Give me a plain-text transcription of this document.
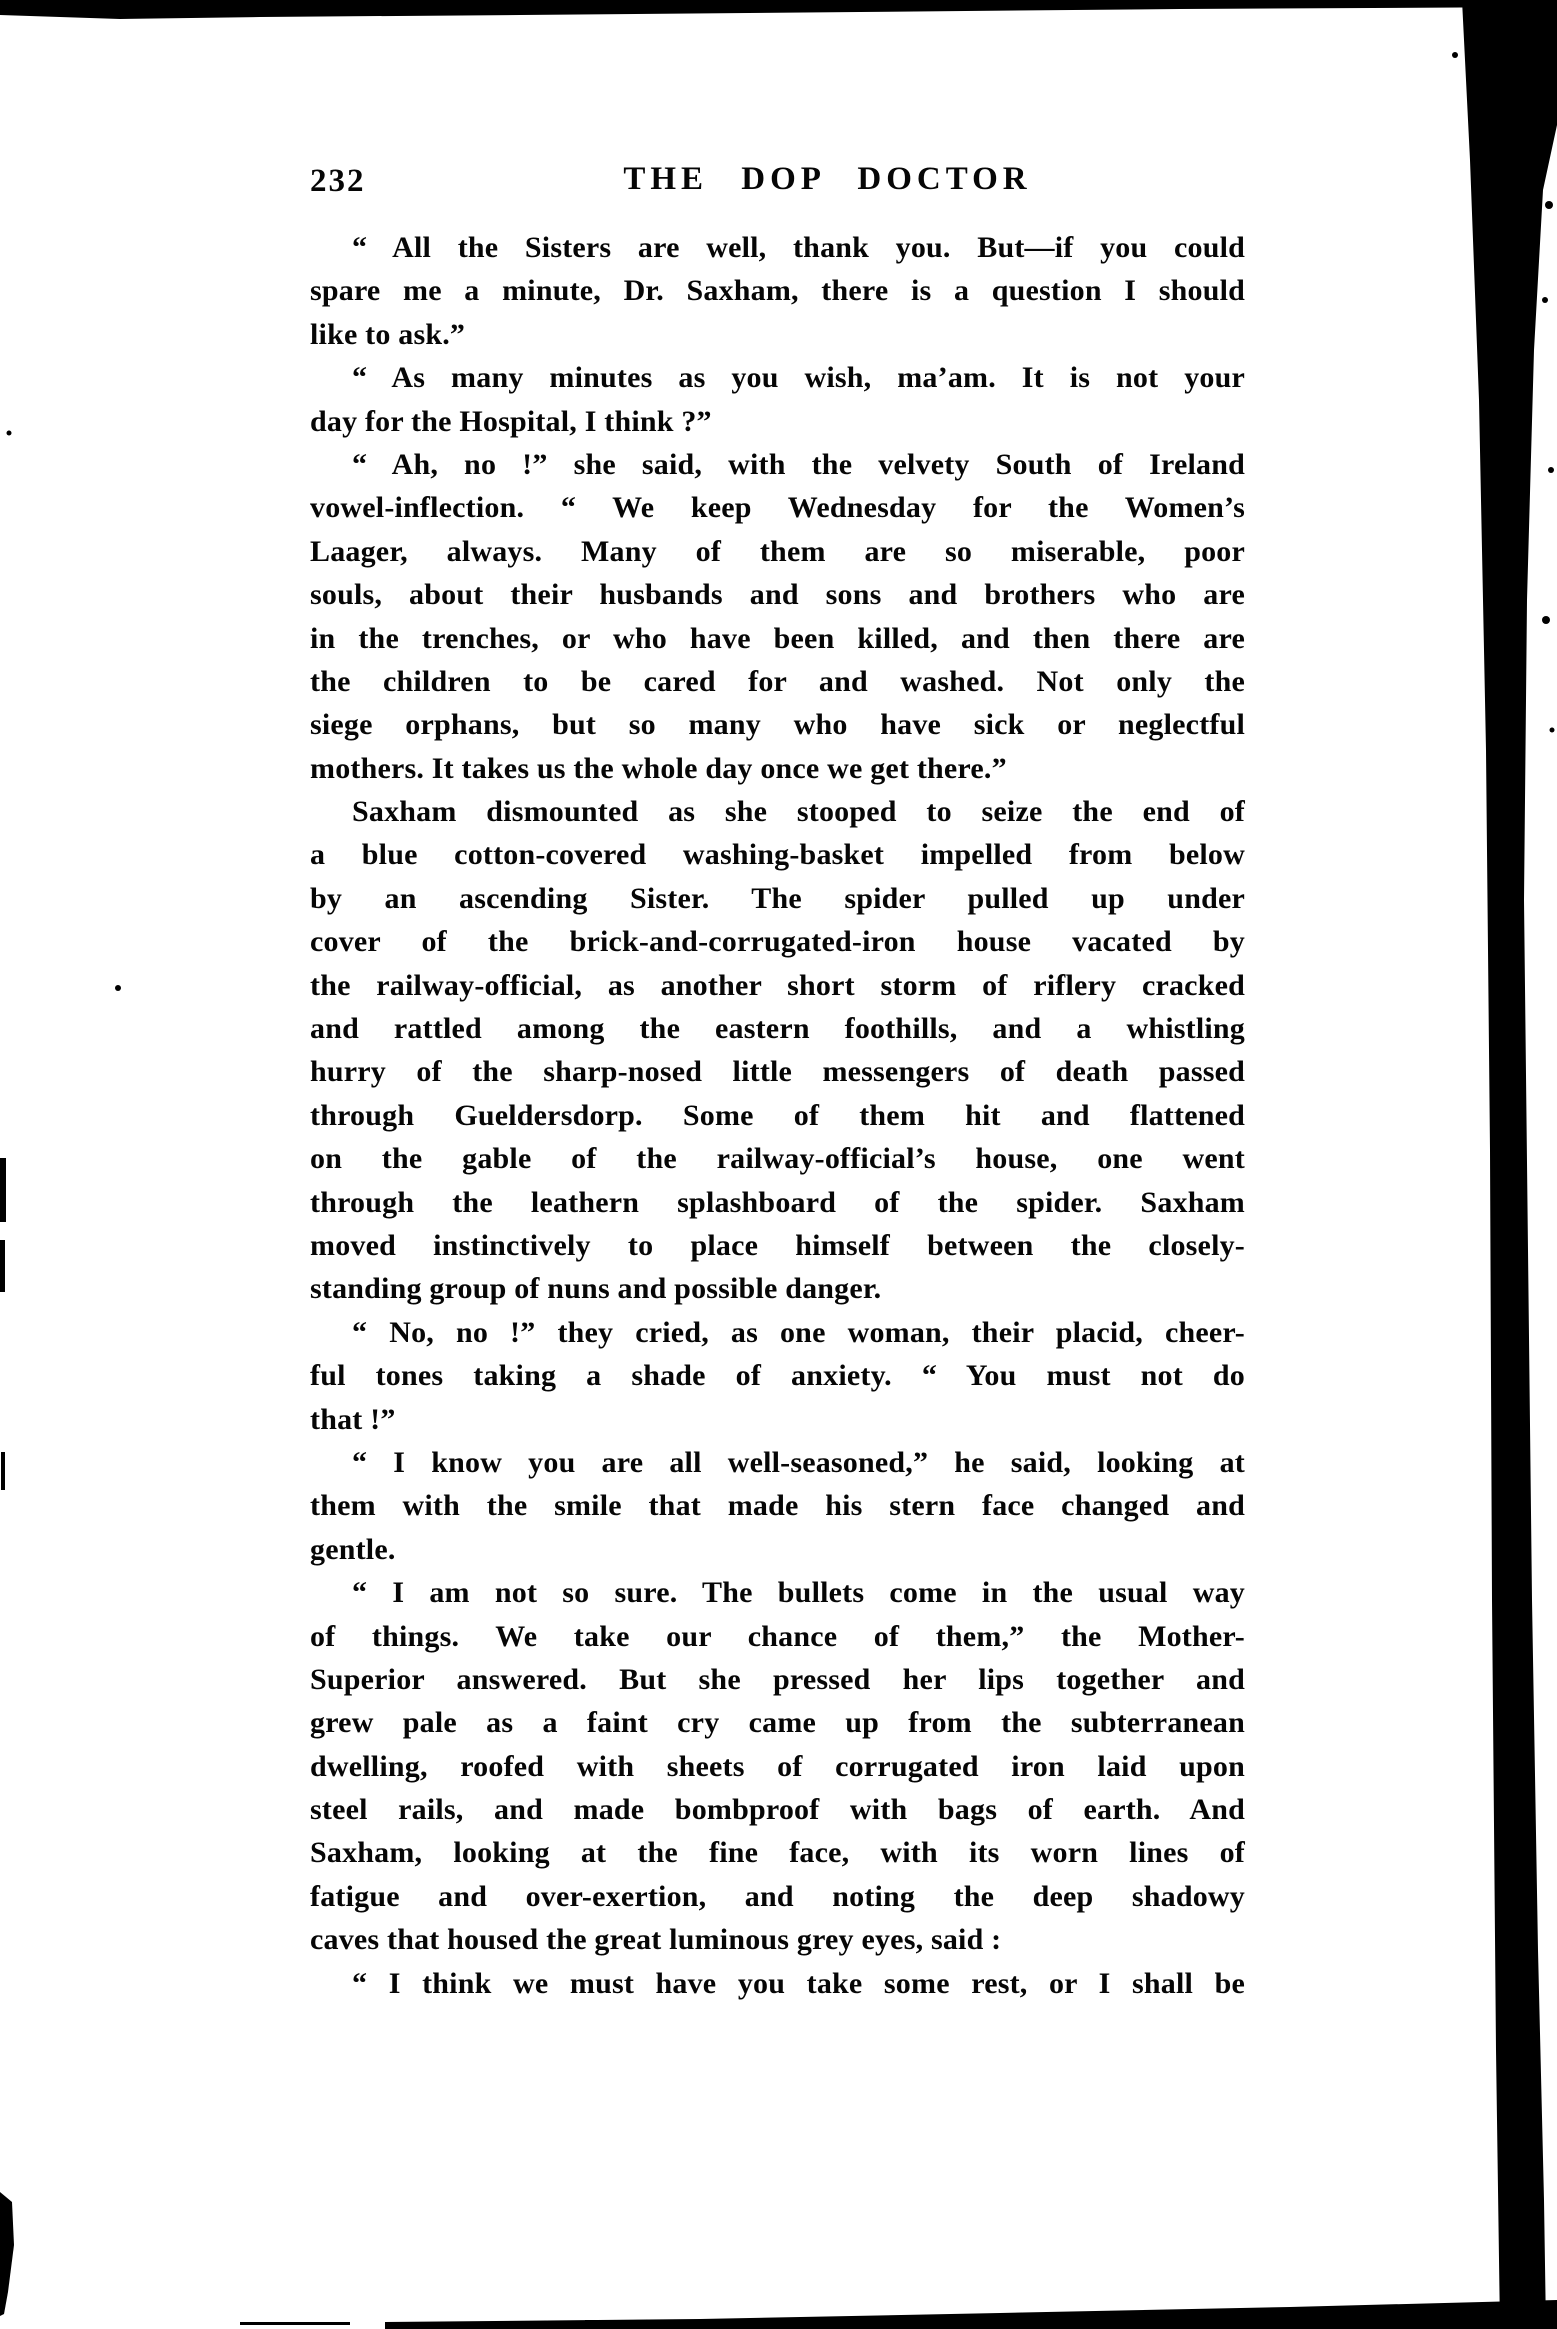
232	THE DOP DOCTOR
“ All the Sisters are well, thank you. But—if you could
spare me a minute, Dr. Saxham, there is a question I should
like to ask.”
“ As many minutes as you wish, ma’am. It is not your
day for the Hospital, I think ?”
“ Ah, no !” she said, with the velvety South of Ireland
vowel-inflection. “ We keep Wednesday for the Women’s
Laager, always. Many of them are so miserable, poor
souls, about their husbands and sons and brothers who are
in the trenches, or who have been killed, and then there are
the children to be cared for and washed. Not only the
siege orphans, but so many who have sick or neglectful
mothers. It takes us the whole day once we get there.”
Saxham dismounted as she stooped to seize the end of
a blue cotton-covered washing-basket impelled from below
by an ascending Sister. The spider pulled up under
cover of the brick-and-corrugated-iron house vacated by
the railway-official, as another short storm of riflery cracked
and rattled among the eastern foothills, and a whistling
hurry of the sharp-nosed little messengers of death passed
through Gueldersdorp. Some of them hit and flattened
on the gable of the railway-official’s house, one went
through the leathern splashboard of the spider. Saxham
moved instinctively to place himself between the closely-
standing group of nuns and possible danger.
“ No, no !” they cried, as one woman, their placid, cheer-
ful tones taking a shade of anxiety. “ You must not do
that !”
“ I know you are all well-seasoned,” he said, looking at
them with the smile that made his stern face changed and
gentle.
“ I am not so sure. The bullets come in the usual way
of things. We take our chance of them,” the Mother-
Superior answered. But she pressed her lips together and
grew pale as a faint cry came up from the subterranean
dwelling, roofed with sheets of corrugated iron laid upon
steel rails, and made bombproof with bags of earth. And
Saxham, looking at the fine face, with its worn lines of
fatigue and over-exertion, and noting the deep shadowy
caves that housed the great luminous grey eyes, said :
“ I think we must have you take some rest, or I shall be
